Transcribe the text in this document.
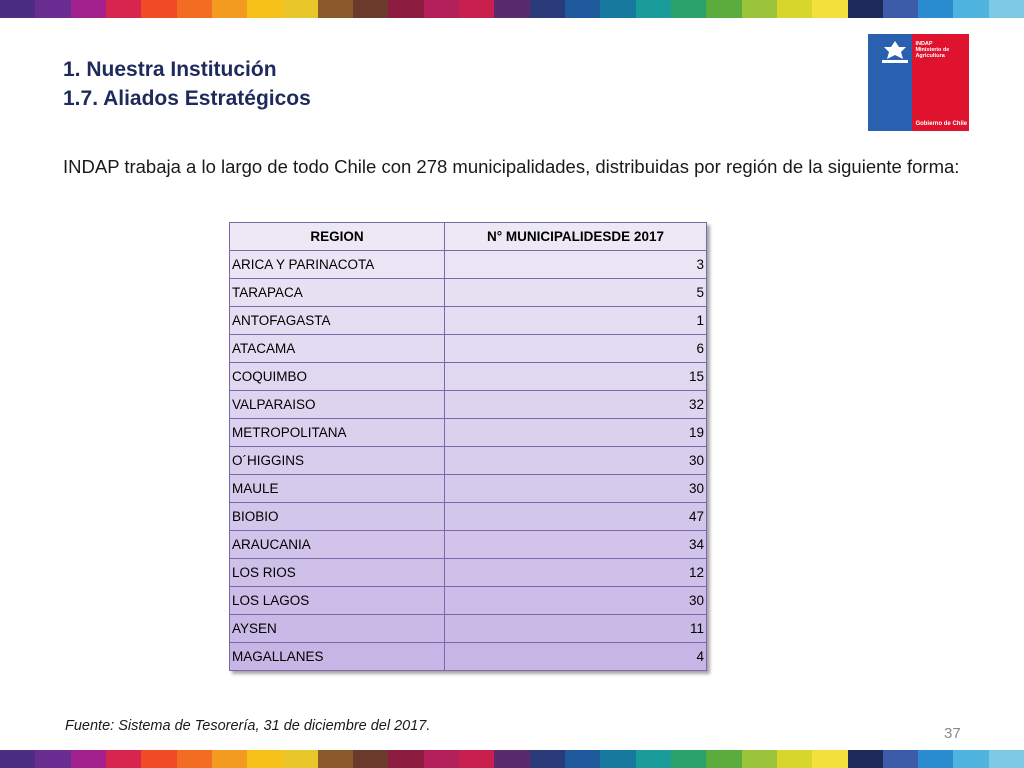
1. Nuestra Institución
1.7. Aliados Estratégicos
INDAP
Ministerio de
Agricultura
Gobierno de Chile
INDAP trabaja a lo largo de todo Chile con 278 municipalidades, distribuidas por región de la siguiente forma:
REGION	N° MUNICIPALIDESDE 2017
ARICA Y PARINACOTA	3
TARAPACA	5
ANTOFAGASTA	1
ATACAMA	6
COQUIMBO	15
VALPARAISO	32
METROPOLITANA	19
O´HIGGINS	30
MAULE	30
BIOBIO	47
ARAUCANIA	34
LOS RIOS	12
LOS LAGOS	30
AYSEN	11
MAGALLANES	4
Fuente: Sistema de Tesorería, 31 de diciembre del 2017.	37
